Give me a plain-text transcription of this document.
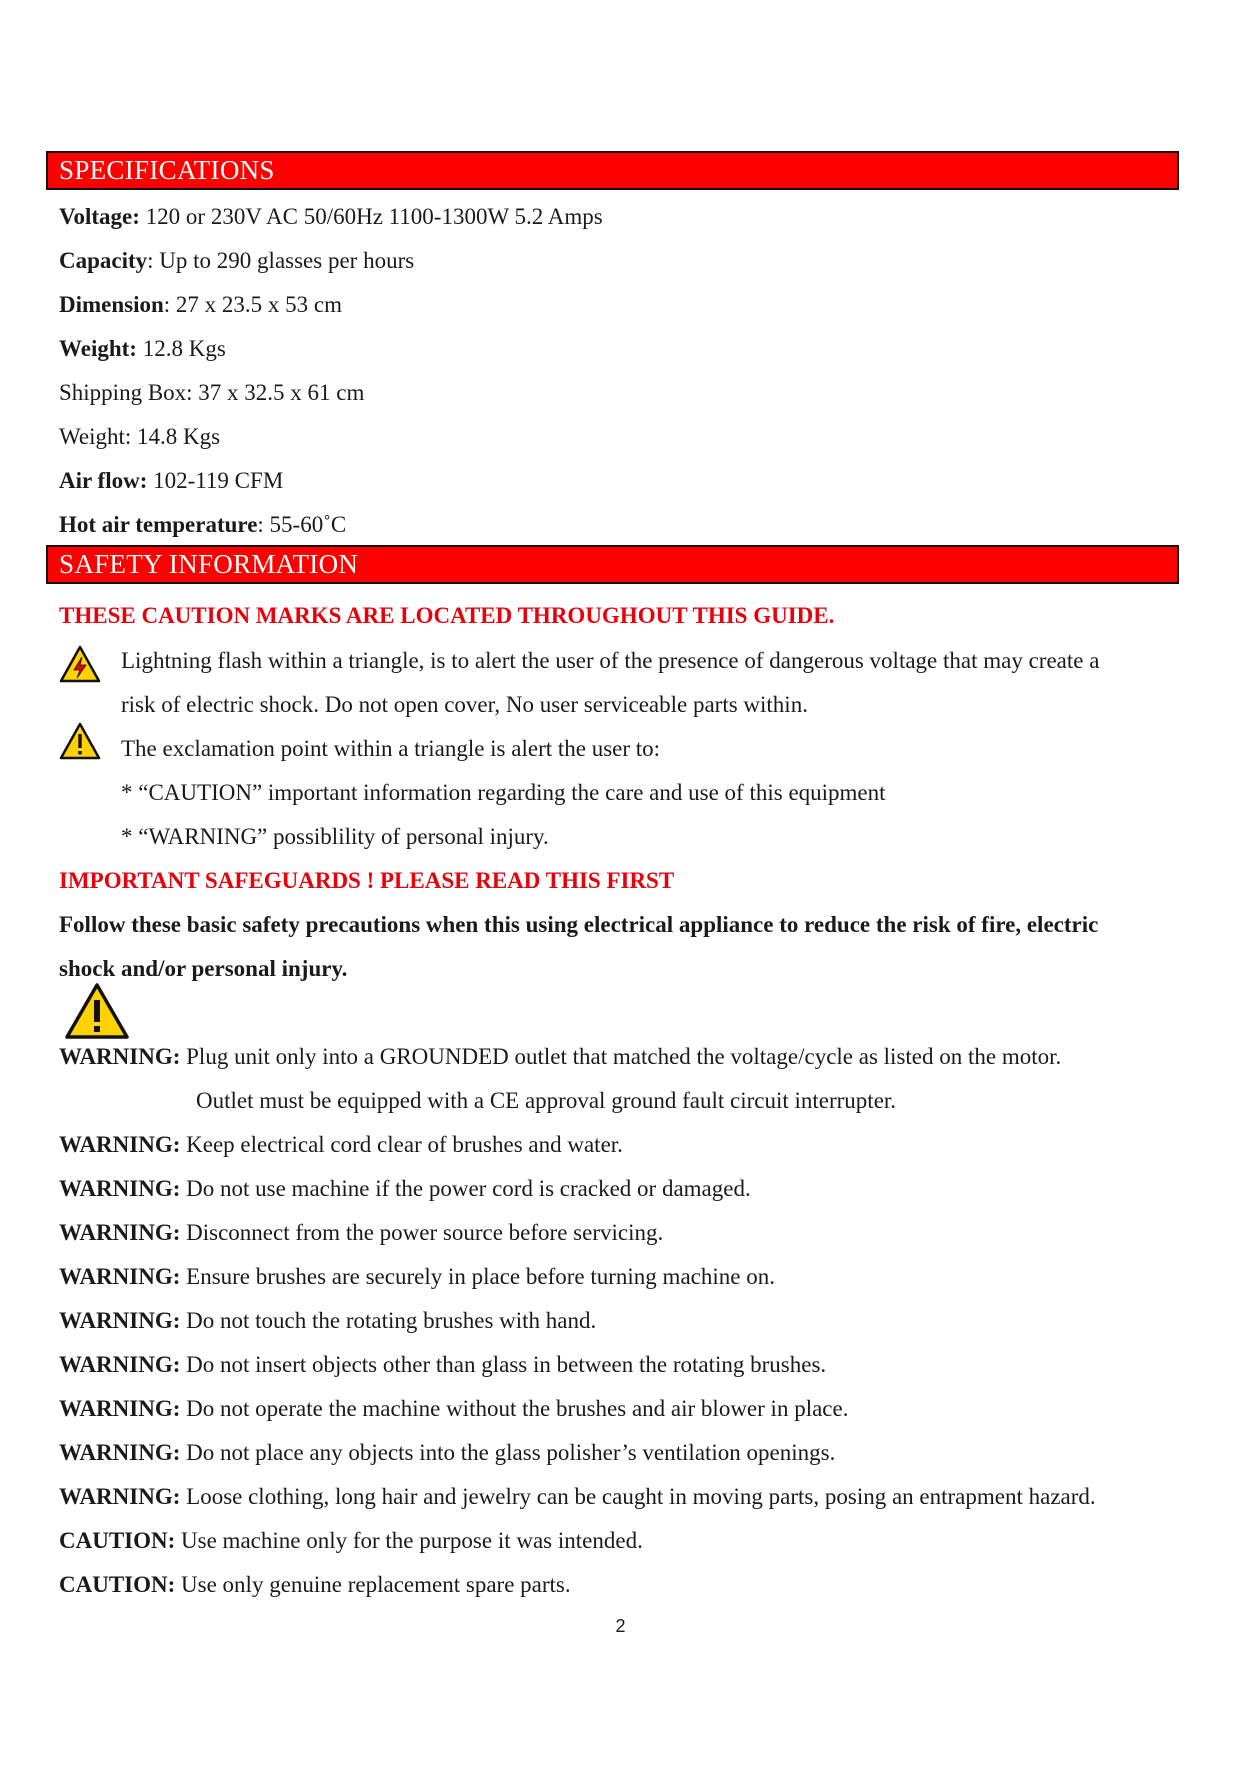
SPECIFICATIONS
Voltage: 120 or 230V AC 50/60Hz 1100-1300W 5.2 Amps
Capacity: Up to 290 glasses per hours
Dimension: 27 x 23.5 x 53 cm
Weight: 12.8 Kgs
Shipping Box: 37 x 32.5 x 61 cm
Weight: 14.8 Kgs
Air flow: 102-119 CFM
Hot air temperature: 55-60˚C
SAFETY INFORMATION
THESE CAUTION MARKS ARE LOCATED THROUGHOUT THIS GUIDE.
Lightning flash within a triangle, is to alert the user of the presence of dangerous voltage that may create a
risk of electric shock. Do not open cover, No user serviceable parts within.
The exclamation point within a triangle is alert the user to:
* “CAUTION” important information regarding the care and use of this equipment
* “WARNING” possiblility of personal injury.
IMPORTANT SAFEGUARDS ! PLEASE READ THIS FIRST
Follow these basic safety precautions when this using electrical appliance to reduce the risk of fire, electric
shock and/or personal injury.
WARNING: Plug unit only into a GROUNDED outlet that matched the voltage/cycle as listed on the motor.
Outlet must be equipped with a CE approval ground fault circuit interrupter.
WARNING: Keep electrical cord clear of brushes and water.
WARNING: Do not use machine if the power cord is cracked or damaged.
WARNING: Disconnect from the power source before servicing.
WARNING: Ensure brushes are securely in place before turning machine on.
WARNING: Do not touch the rotating brushes with hand.
WARNING: Do not insert objects other than glass in between the rotating brushes.
WARNING: Do not operate the machine without the brushes and air blower in place.
WARNING: Do not place any objects into the glass polisher’s ventilation openings.
WARNING: Loose clothing, long hair and jewelry can be caught in moving parts, posing an entrapment hazard.
CAUTION: Use machine only for the purpose it was intended.
CAUTION: Use only genuine replacement spare parts.
2
